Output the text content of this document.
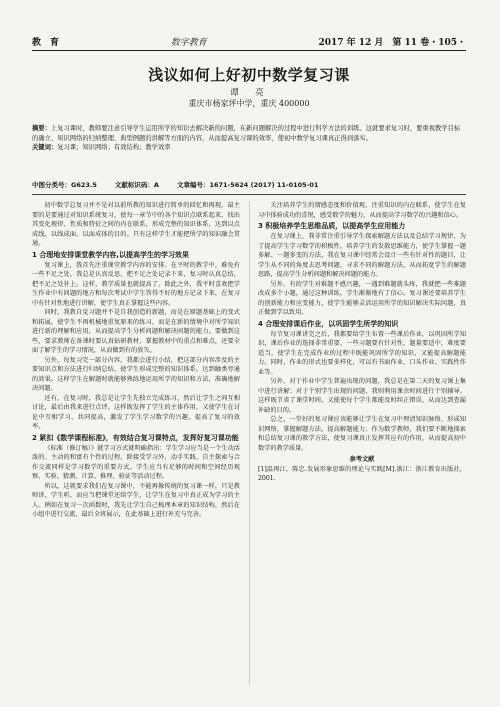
教　育	数字教育	2017 年 12 月　第 11 卷・105・
浅议如何上好初中数学复习课
谭　亮
重庆市杨家坪中学，重庆 400000

摘要：上复习课时，教师要注意引导学生运用所学的知识去解决新的问题，在新问题解决的过程中进行科学方法的训练。这就要求复习时，要重视教学目标的确立、知识网络的归纳整理、典型例题的讲解等方面的内容，从而提高复习课的效率，使初中数学复习课真正得到落实。

关键词：复习课；知识网络；有效结构；教学效率

中图分类号：G623.5	文献标识码：A	文章编号：1671-5624 (2017) 11-0105-01

初中数学总复习并不是对以前所教的知识进行简单的回忆和再现，最主要的是要通过对知识系统复习，使每一章节中的各个知识点联系起来，找出其变化规律、性质和特征之间的内在联系，形成完整的知识体系，达到以点成线、以线成面、以面成体的目的。只有这样学生才能把所学的知识融会贯通。

1 合理地安排课堂教学内容,以提高学生的学习效果

复习课上，我首先注重课堂教学内容的安排。在平时的教学中，难免有一些不足之处，我总是认真反思，把不足之处记录下来，复习时认真总结，把不足之处补上。这样，教学质量也就提高了。除此之外，我平时喜欢把学生作业中有问题的地方和每次考试中学生答得不好的地方记录下来，在复习中有针对性地进行讲解，使学生真正掌握这些内容。

同时，我教自觉习题并不是自我创造的新题，而是在原题基础上的变式和拓展，使学生不再机械地重复原来的练习，而是在新的情境中对所学知识进行新的理解和应用，从而提高学生分析问题和解决问题的能力。要做到这些，要求教师在备课时要认真钻研教材，掌握教材中的重点和难点，还要全面了解学生的学习情况，从而做到有的放矢。

另外，每复习完一部分内容，我都会进行小结，把这部分内容涉及的主要知识点和方法进行归纳总结，使学生形成完整的知识体系，达到触类旁通的效果。这样学生在解题时就能够熟练地运用所学的知识和方法，准确地解决问题。

还有，在复习时，我总是让学生先独立完成练习，然后让学生之间互相讨论，最后由我来进行点评。这样既发挥了学生的主体作用，又使学生在讨论中互相学习、共同提高，激发了学生学习数学的兴趣，提高了复习的效率。

2 紧扣《数学课程标准》，有效结合复习课特点，发挥好复习课功能

《标准（修订稿）》就学习方式就明确指出：学生学习应当是一个生动活泼的、主动的和富有个性的过程。除接受学习外，动手实践、自主探索与合作交流同样是学习数学的重要方式。学生应当有足够的时间和空间经历观察、实验、猜测、计算、推理、验证等活动过程。

所以，这就要求我们在复习课中，不能再像传统的复习课一样，只是教师讲、学生听，而应当把课堂还给学生，让学生在复习中真正成为学习的主人。例如在复习一次函数时，我先让学生自己梳理本章的知识结构，然后在小组中进行交流，最后全班展示，在此基础上进行补充与完善。

关注培养学生的情感态度和价值观，注重知识的内在联系，使学生在复习中体验成功的喜悦，感受数学的魅力，从而提高学习数学的兴趣和信心。

3 积极培养学生思维品质，以提高学生应用能力

在复习课上，我非常注重引导学生探索解题方法以及总结学习规律，为了提高学生学习数学的积极性，培养学生的发散思维能力，使学生掌握一题多解、一题多变的方法，我在复习课中经常会设计一些有针对性的题目，让学生从不同的角度去思考问题，寻求不同的解题方法，从而拓宽学生的解题思路，提高学生分析问题和解决问题的能力。

另外，有的学生对难题不感兴趣，一遇到难题就头疼，我就把一些难题改成多个小题，通过这种训练，学生渐渐地有了信心。复习课还要培养学生的创新能力和应变能力，使学生能够灵活运用所学的知识解决实际问题，真正做到学以致用。

4 合理安排课后作业，以巩固学生所学的知识

每节复习课讲完之后，我都要给学生布置一些课后作业，以巩固所学知识，课后作业的选择非常重要，一些习题要有针对性，题量要适中，难度要适当，使学生在完成作业的过程中既能巩固所学的知识，又能提高解题能力。同时，作业的形式也要多样化，可以有书面作业、口头作业、实践性作业等。

另外，对于作业中学生普遍出现的问题，我总是在第二天的复习课上集中进行讲解；对于个别学生出现的问题，我则利用课余时间进行个别辅导。这样既节省了课堂时间，又能使每个学生都能及时纠正错误，从而达到查漏补缺的目的。

总之，一堂好的复习课应该能够让学生在复习中理清知识脉络，形成知识网络，掌握解题方法，提高解题能力。作为数学教师，我们要不断地探索和总结复习课的教学方法，使复习课真正发挥其应有的作用，从而提高初中数学的教学质量。

参考文献

[1]温再江，陈忠.发展形象思维的理论与实践[M].浙江：浙江教育出版社，2001.
